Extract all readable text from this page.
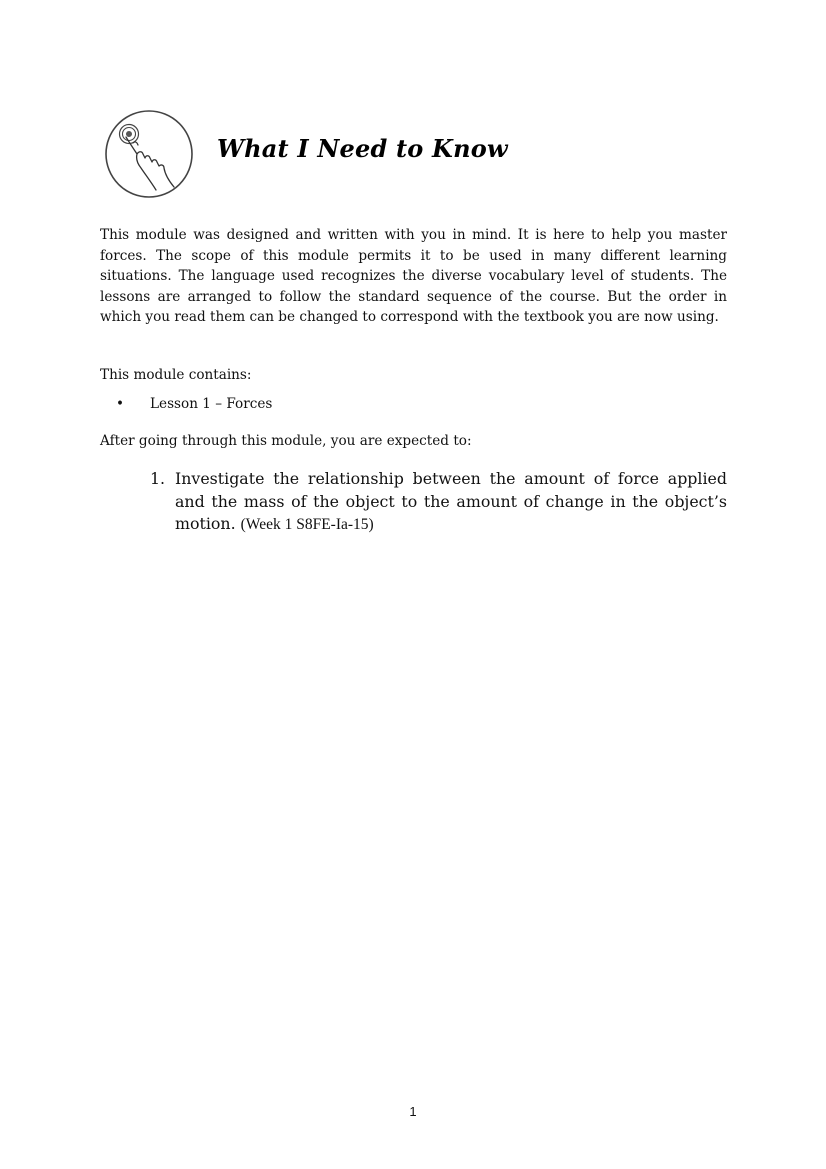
What I Need to Know

This module was designed and written with you in mind. It is here to help you master forces. The scope of this module permits it to be used in many different learning situations. The language used recognizes the diverse vocabulary level of students. The lessons are arranged to follow the standard sequence of the course. But the order in which you read them can be changed to correspond with the textbook you are now using.

This module contains:

• Lesson 1 – Forces

After going through this module, you are expected to:

1. Investigate the relationship between the amount of force applied and the mass of the object to the amount of change in the object’s motion. (Week 1 S8FE-Ia-15)

1
